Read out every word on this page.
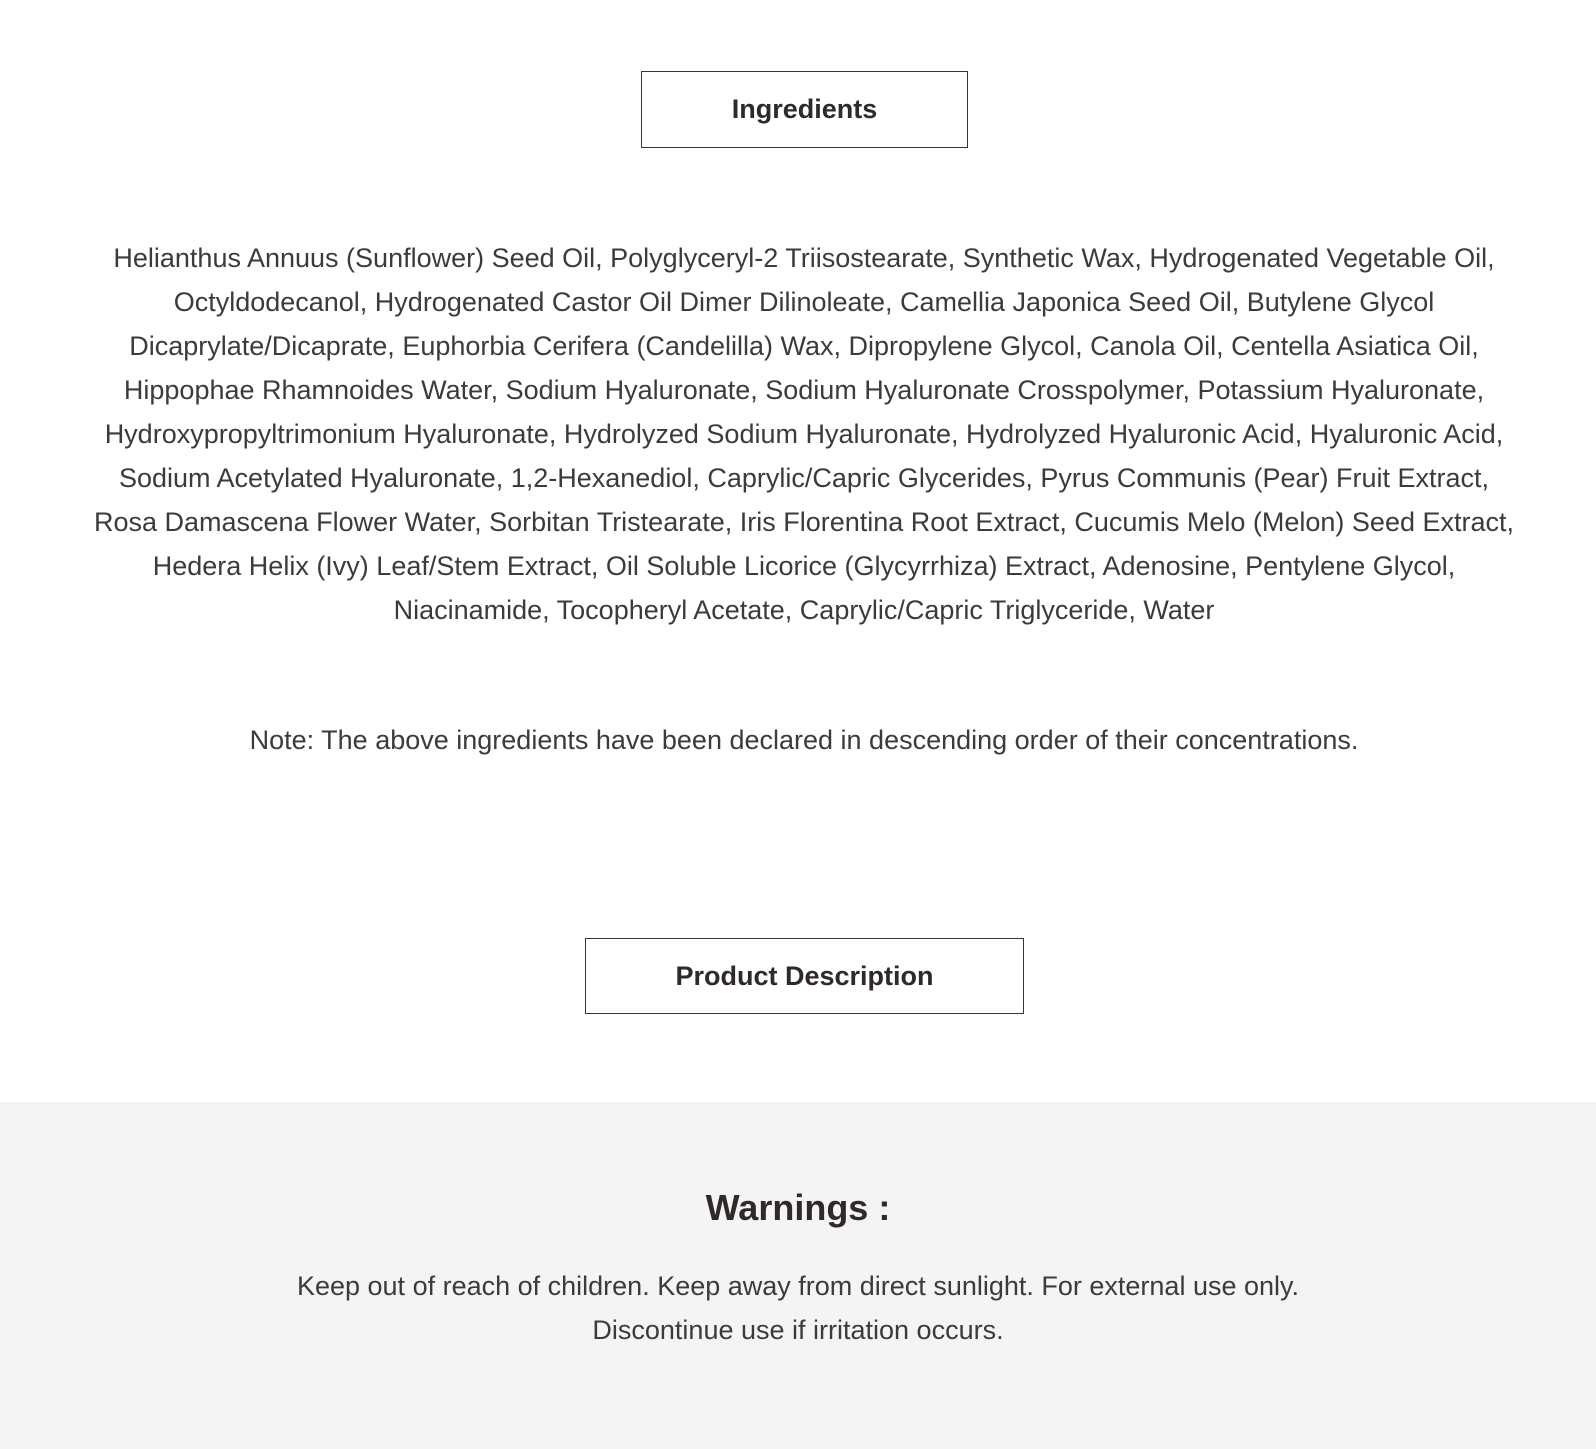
Ingredients

Helianthus Annuus (Sunflower) Seed Oil, Polyglyceryl-2 Triisostearate, Synthetic Wax, Hydrogenated Vegetable Oil, Octyldodecanol, Hydrogenated Castor Oil Dimer Dilinoleate, Camellia Japonica Seed Oil, Butylene Glycol Dicaprylate/Dicaprate, Euphorbia Cerifera (Candelilla) Wax, Dipropylene Glycol, Canola Oil, Centella Asiatica Oil, Hippophae Rhamnoides Water, Sodium Hyaluronate, Sodium Hyaluronate Crosspolymer, Potassium Hyaluronate, Hydroxypropyltrimonium Hyaluronate, Hydrolyzed Sodium Hyaluronate, Hydrolyzed Hyaluronic Acid, Hyaluronic Acid, Sodium Acetylated Hyaluronate, 1,2-Hexanediol, Caprylic/Capric Glycerides, Pyrus Communis (Pear) Fruit Extract, Rosa Damascena Flower Water, Sorbitan Tristearate, Iris Florentina Root Extract, Cucumis Melo (Melon) Seed Extract, Hedera Helix (Ivy) Leaf/Stem Extract, Oil Soluble Licorice (Glycyrrhiza) Extract, Adenosine, Pentylene Glycol, Niacinamide, Tocopheryl Acetate, Caprylic/Capric Triglyceride, Water

Note: The above ingredients have been declared in descending order of their concentrations.

Product Description
Warnings :

Keep out of reach of children. Keep away from direct sunlight. For external use only.
Discontinue use if irritation occurs.
